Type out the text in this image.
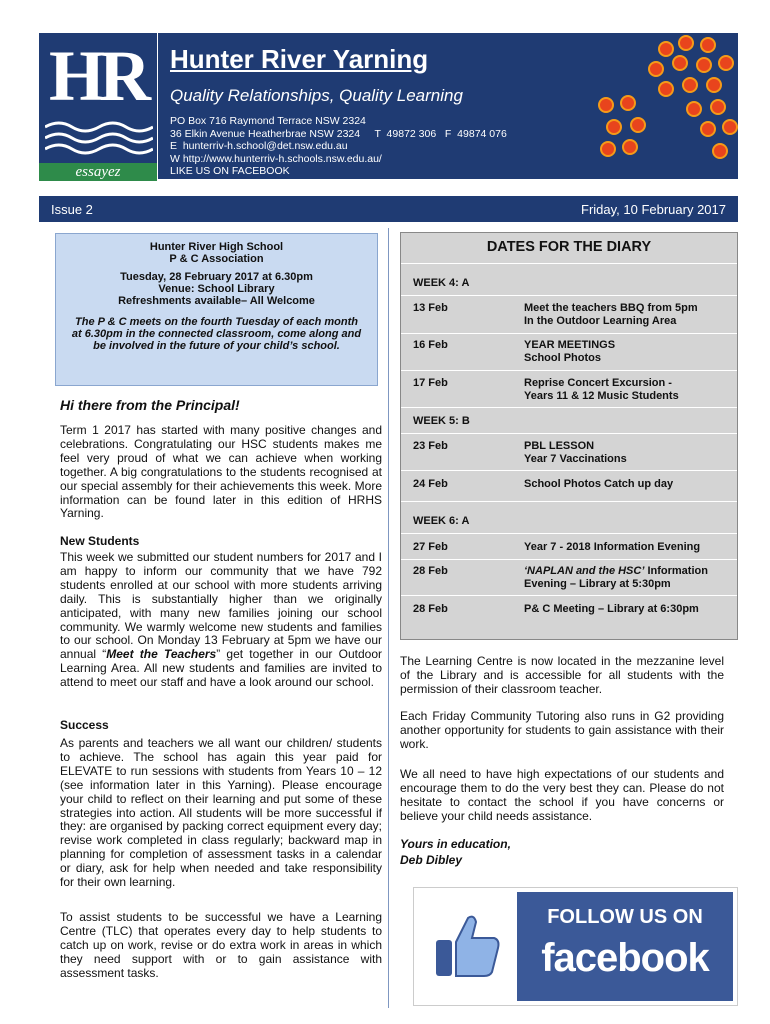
HR
essayez
Hunter River Yarning
Quality Relationships, Quality Learning
PO Box 716 Raymond Terrace NSW 2324
36 Elkin Avenue Heatherbrae NSW 2324     T  49872 306   F  49874 076
E  hunterriv-h.school@det.nsw.edu.au
W http://www.hunterriv-h.schools.nsw.edu.au/
LIKE US ON FACEBOOK
Issue 2	Friday, 10 February 2017

Hunter River High School

P & C Association

Tuesday, 28 February 2017 at 6.30pm

Venue: School Library

Refreshments available– All Welcome

The P & C meets on the fourth Tuesday of each month at 6.30pm in the connected classroom, come along and be involved in the future of your child’s school.

Hi there from the Principal!
Term 1 2017 has started with many positive changes and celebrations. Congratulating our HSC students makes me feel very proud of what we can achieve when working together. A big congratulations to the students recognised at our special assembly for their achievements this week. More information can be found later in this edition of HRHS Yarning.
New Students
This week we submitted our student numbers for 2017 and I am happy to inform our community that we have 792 students enrolled at our school with more students arriving daily. This is substantially higher than we originally anticipated, with many new families joining our school community. We warmly welcome new students and families to our school. On Monday 13 February at 5pm we have our annual “Meet the Teachers” get together in our Outdoor Learning Area. All new students and families are invited to attend to meet our staff and have a look around our school.
Success
As parents and teachers we all want our children/ students to achieve. The school has again this year paid for ELEVATE to run sessions with students from Years 10 – 12 (see information later in this Yarning). Please encourage your child to reflect on their learning and put some of these strategies into action. All students will be more successful if they: are organised by packing correct equipment every day; revise work completed in class regularly; backward map in planning for completion of assessment tasks in a calendar or diary, ask for help when needed and take responsibility for their own learning.
To assist students to be successful we have a Learning Centre (TLC) that operates every day to help students to catch up on work, revise or do extra work in areas in which they need support with or to gain assistance with assessment tasks.
DATES FOR THE DIARY
WEEK 4: A
13 Feb	Meet the teachers BBQ from 5pm
In the Outdoor Learning Area
16 Feb	YEAR MEETINGS
School Photos
17 Feb	Reprise Concert Excursion -
Years 11 & 12 Music Students
WEEK 5: B
23 Feb	PBL LESSON
Year 7 Vaccinations
24 Feb	School Photos Catch up day
WEEK 6: A
27 Feb	Year 7 - 2018 Information Evening
28 Feb	‘NAPLAN and the HSC’ Information
Evening – Library at 5:30pm
28 Feb	P& C Meeting – Library at 6:30pm
The Learning Centre is now located in the mezzanine level of the Library and is accessible for all students with the permission of their classroom teacher.
Each Friday Community Tutoring also runs in G2 providing another opportunity for students to gain assistance with their work.
We all need to have high expectations of our students and encourage them to do the very best they can. Please do not hesitate to contact the school if you have concerns or believe your child needs assistance.
Yours in education,
Deb Dibley
FOLLOW US ON
facebook
